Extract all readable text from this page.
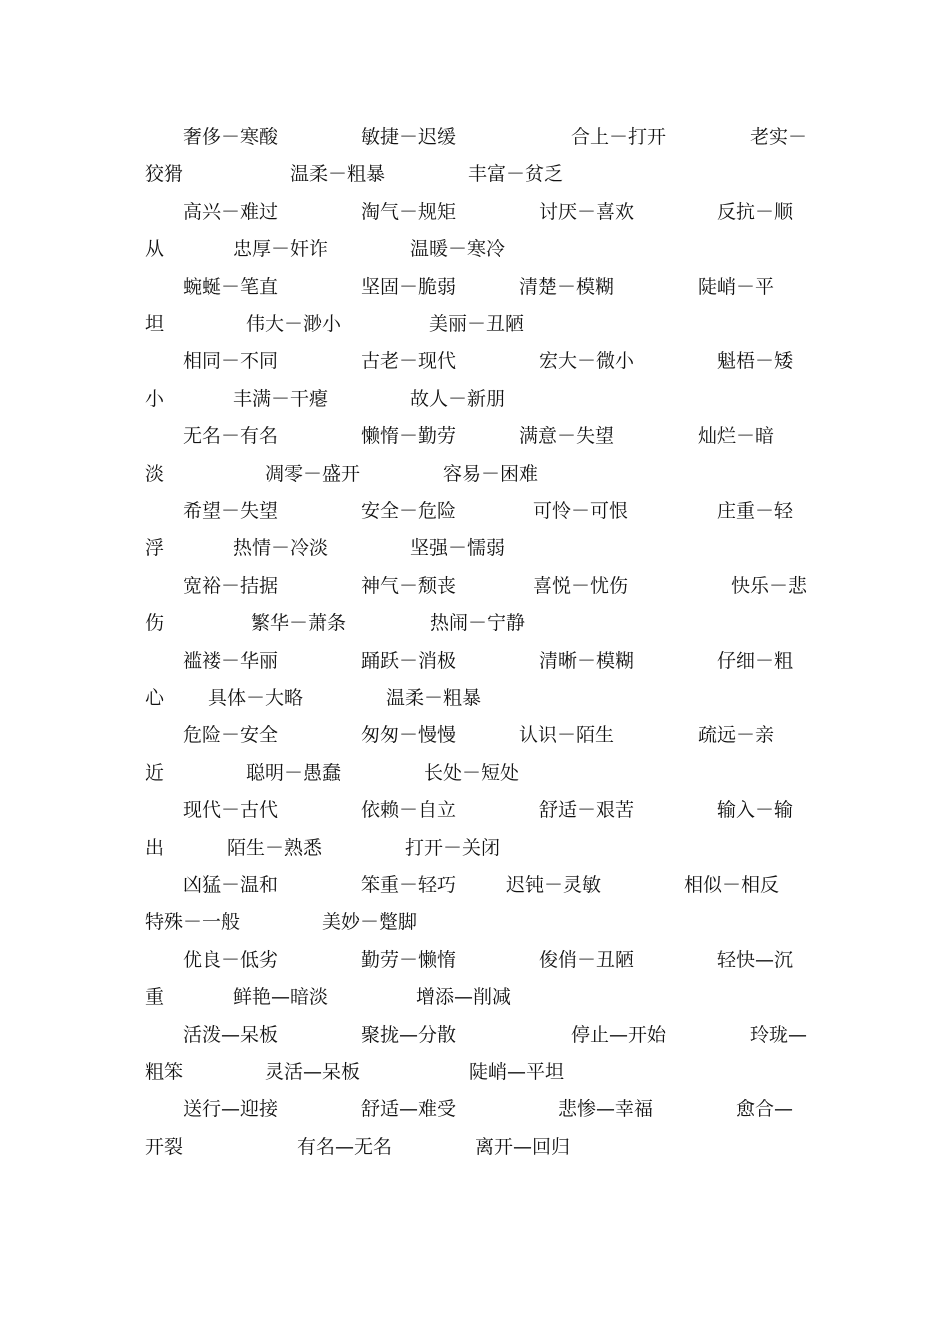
奢侈－寒酸	敏捷－迟缓	合上－打开	老实－
狡猾	温柔－粗暴	丰富－贫乏
高兴－难过	淘气－规矩	讨厌－喜欢	反抗－顺
从	忠厚－奸诈	温暖－寒冷
蜿蜒－笔直	坚固－脆弱	清楚－模糊	陡峭－平
坦	伟大－渺小	美丽－丑陋
相同－不同	古老－现代	宏大－微小	魁梧－矮
小	丰满－干瘪	故人－新朋
无名－有名	懒惰－勤劳	满意－失望	灿烂－暗
淡	凋零－盛开	容易－困难
希望－失望	安全－危险	可怜－可恨	庄重－轻
浮	热情－冷淡	坚强－懦弱
宽裕－拮据	神气－颓丧	喜悦－忧伤	快乐－悲
伤	繁华－萧条	热闹－宁静
褴褛－华丽	踊跃－消极	清晰－模糊	仔细－粗
心 具体－大略	温柔－粗暴
危险－安全	匆匆－慢慢	认识－陌生	疏远－亲
近	聪明－愚蠢	长处－短处
现代－古代	依赖－自立	舒适－艰苦	输入－输
出	陌生－熟悉	打开－关闭
凶猛－温和	笨重－轻巧	迟钝－灵敏	相似－相反
特殊－一般	美妙－蹩脚
优良－低劣	勤劳－懒惰	俊俏－丑陋	轻快—沉
重	鲜艳—暗淡	增添—削减
活泼—呆板	聚拢—分散	停止—开始	玲珑—
粗笨	灵活—呆板	陡峭—平坦
送行—迎接	舒适—难受	悲惨—幸福	愈合—
开裂	有名—无名	离开—回归
